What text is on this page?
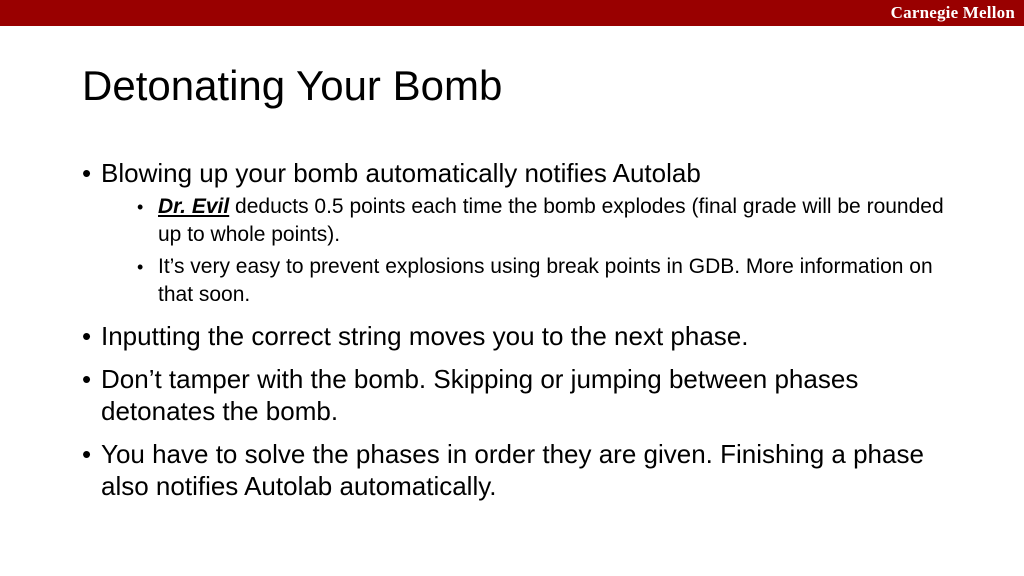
Carnegie Mellon
Detonating Your Bomb
• Blowing up your bomb automatically notifies Autolab
• Dr. Evil deducts 0.5 points each time the bomb explodes (final grade will be rounded up to whole points).
• It’s very easy to prevent explosions using break points in GDB. More information on that soon.
• Inputting the correct string moves you to the next phase.
• Don’t tamper with the bomb. Skipping or jumping between phases detonates the bomb.
• You have to solve the phases in order they are given. Finishing a phase also notifies Autolab automatically.
